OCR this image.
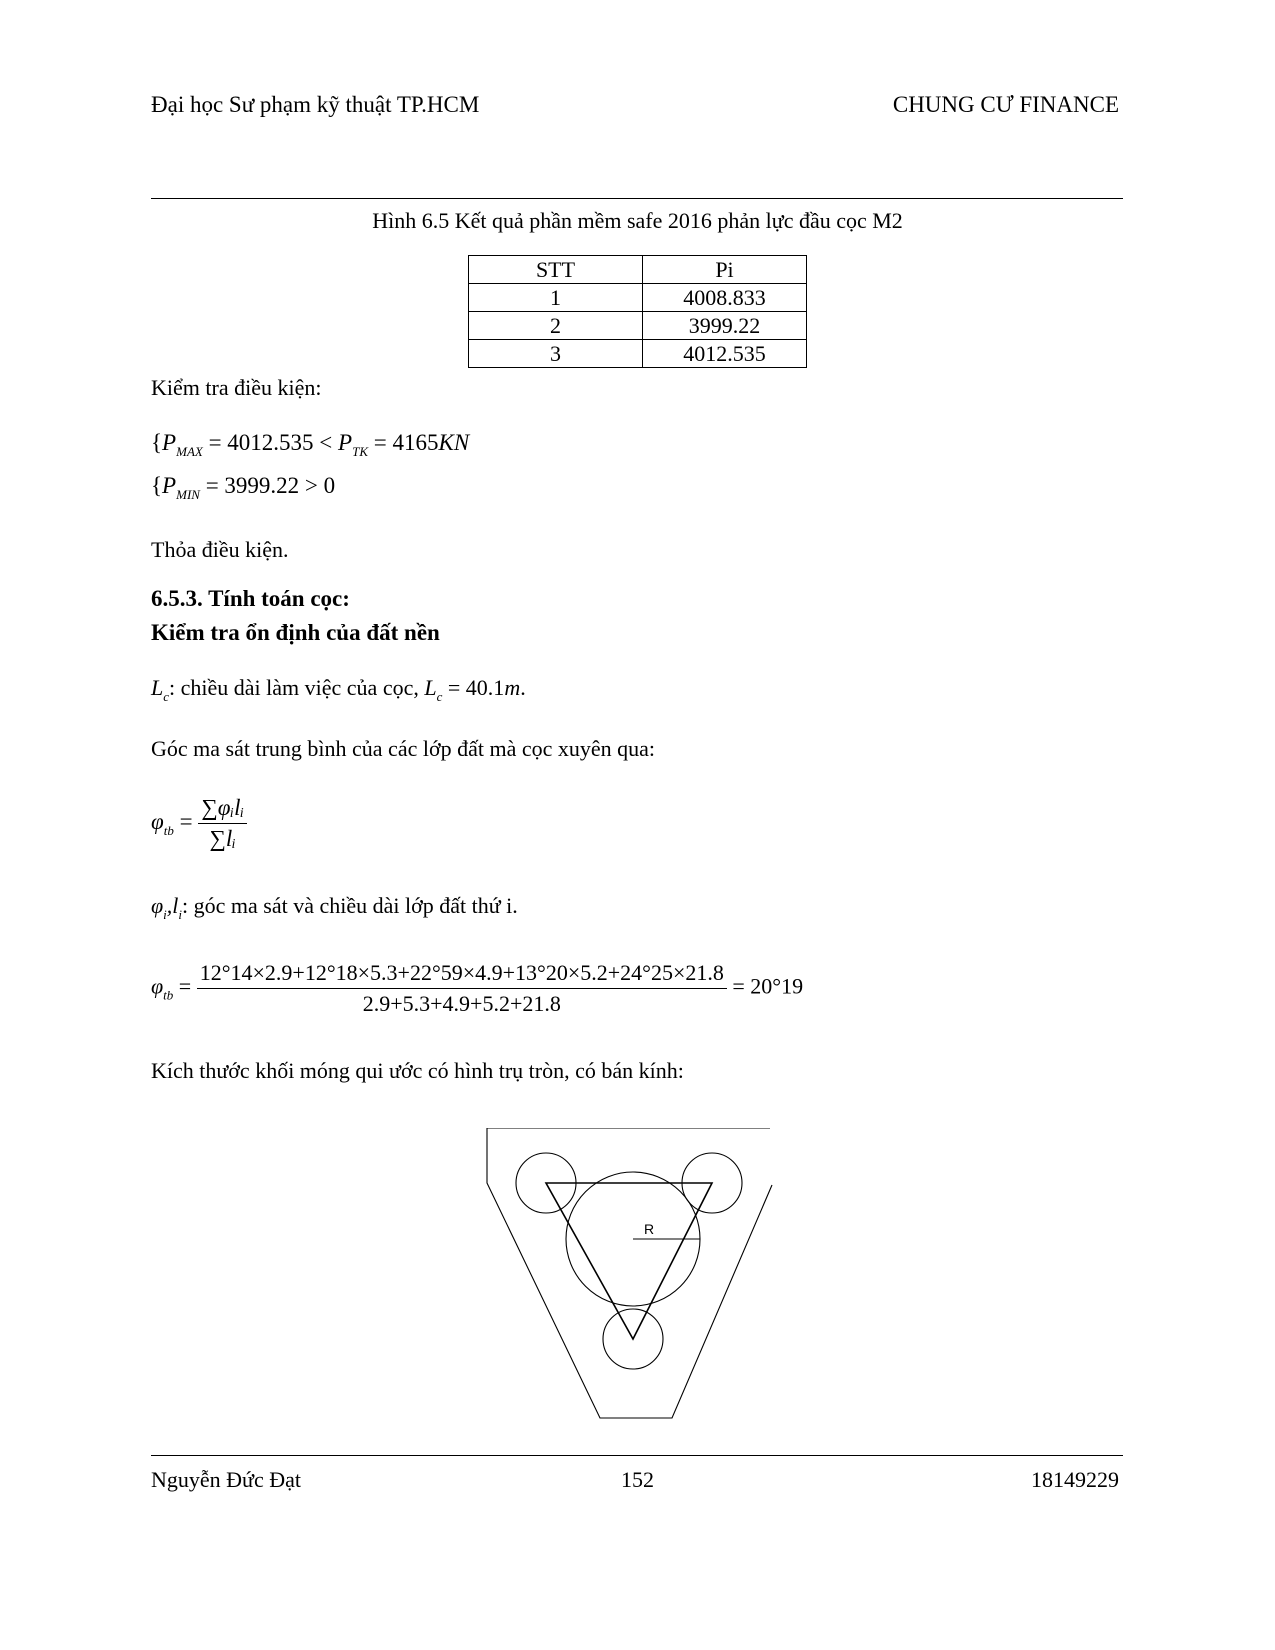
Đại học Sư phạm kỹ thuật TP.HCM	CHUNG CƯ FINANCE
Hình 6.5 Kết quả phần mềm safe 2016 phản lực đầu cọc M2
STT	Pi
1	4008.833
2	3999.22
3	4012.535
Kiểm tra điều kiện:
{$P_{MAX} = 4012.535 < P_{TK} = 4165KN$
{$P_{MIN} = 3999.22 > 0$
Thỏa điều kiện.
6.5.3. Tính toán cọc:
Kiểm tra ổn định của đất nền
$L_c$: chiều dài làm việc của cọc, $L_c = 40.1m$.
Góc ma sát trung bình của các lớp đất mà cọc xuyên qua:
$\varphi_{tb} = \frac{\text{∑φᵢlᵢ}}{\text{∑lᵢ}}$
$\varphi_i,l_i$: góc ma sát và chiều dài lớp đất thứ i.
$\varphi_{tb} = \frac{12^\circ 14\times 2.9+12^\circ 18\times 5.3+22^\circ 59\times 4.9+13^\circ 20\times 5.2+24^\circ 25\times 21.8}{2.9+5.3+4.9+5.2+21.8} = 20^\circ 19$
Kích thước khối móng qui ước có hình trụ tròn, có bán kính:
R
Nguyễn Đức Đạt	152	18149229
